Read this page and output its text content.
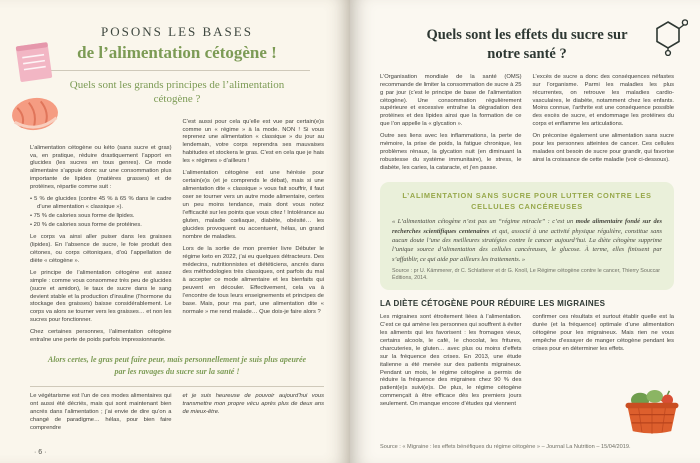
POSONS LES BASES
de l’alimentation cétogène !
Quels sont les grands principes de l’alimentation cétogène ?

L’alimentation cétogène ou kéto (sans sucre et gras) va, en pratique, réduire drastiquement l’apport en glucides (les sucres en tous genres). Ce mode alimentaire s’appuie donc sur une consommation plus importante de lipides (matières grasses) et de protéines, répartie comme suit :

• 5 % de glucides (contre 45 % à 65 % dans le cadre d’une alimentation « classique »).
• 75 % de calories sous forme de lipides.
• 20 % de calories sous forme de protéines.

Le corps va ainsi aller puiser dans les graisses (lipides). En l’absence de sucre, le foie produit des cétones, ou corps cétoniques, d’où l’appellation de diète « cétogène ».

Le principe de l’alimentation cétogène est assez simple : comme vous consommez très peu de glucides (sucre et amidon), le taux de sucre dans le sang devient stable et la production d’insuline (l’hormone du stockage des graisses) baisse considérablement. Le corps va alors se tourner vers les graisses… et non les sucres pour fonctionner.

Chez certaines personnes, l’alimentation cétogène entraîne une perte de poids parfois impressionnante.

C’est aussi pour cela qu’elle est vue par certain(e)s comme un « régime » à la mode. NON ! Si vous reprenez une alimentation « classique » du jour au lendemain, votre corps reprendra ses mauvaises habitudes et stockera le gras. C’est en cela que je hais les « régimes » d’ailleurs !

L’alimentation cétogène est une hérésie pour certain(e)s (et je comprends le débat), mais si une alimentation dite « classique » vous fait souffrir, il faut oser se tourner vers un autre mode alimentaire, certes un peu moins tendance, mais dont vous notez l’efficacité sur les points que vous citez ! Intolérance au gluten, maladie cœliaque, diabète, obésité… les glucides provoquent ou accentuent, hélas, un grand nombre de maladies.

Lors de la sortie de mon premier livre Débuter le régime keto en 2022, j’ai eu quelques détracteurs. Des médecins, nutritionnistes et diététiciens, ancrés dans des méthodologies très classiques, ont parfois du mal à accepter ce mode alimentaire et les bienfaits qui peuvent en découler. Effectivement, cela va à l’encontre de tous leurs enseignements et principes de base. Mais, pour ma part, une alimentation dite « normale » me rend malade… Que dois-je faire alors ?

Alors certes, le gras peut faire peur, mais personnellement je suis plus apeurée par les ravages du sucre sur la santé !

Le végétarisme est l’un de ces modes alimentaires qui ont aussi été décriés, mais qui sont maintenant bien ancrés dans l’alimentation ; j’ai envie de dire qu’on a changé de paradigme… hélas, pour bien faire comprendre

et je suis heureuse de pouvoir aujourd’hui vous transmettre mon propre vécu après plus de deux ans de mieux-être.

· 6 ·
Quels sont les effets du sucre sur notre santé ?

L’Organisation mondiale de la santé (OMS) recommande de limiter la consommation de sucre à 25 g par jour (c’est le principe de base de l’alimentation cétogène). Une consommation régulièrement supérieure et excessive entraîne la dégradation des protéines et des lipides ainsi que la formation de ce que l’on appelle la « glycation ».

Outre ses liens avec les inflammations, la perte de mémoire, la prise de poids, la fatigue chronique, les problèmes rénaux, la glycation nuit (en diminuant la robustesse du système immunitaire), le stress, le diabète, les caries, la cataracte, et j’en passe.

L’excès de sucre a donc des conséquences néfastes sur l’organisme. Parmi les maladies les plus récurrentes, on retrouve les maladies cardio-vasculaires, le diabète, notamment chez les enfants. Moins connue, l’arthrite est une conséquence possible des excès de sucre, et endommage les protéines du corps et enflamme les articulations.

On préconise également une alimentation sans sucre pour les personnes atteintes de cancer. Ces cellules malades ont besoin de sucre pour grandir, qui favorise ainsi la croissance de cette maladie (voir ci-dessous).

L’ALIMENTATION SANS SUCRE POUR LUTTER CONTRE LES CELLULES CANCÉREUSES

« L’alimentation cétogène n’est pas un “régime miracle” : c’est un mode alimentaire fondé sur des recherches scientifiques centenaires et qui, associé à une activité physique régulière, constitue sans aucun doute l’une des meilleures stratégies contre le cancer aujourd’hui. La diète cétogène supprime l’unique source d’alimentation des cellules cancéreuses, le glucose. À terme, elles finissent par s’affaiblir, ce qui aide par ailleurs les traitements. »

Source : pr U. Kämmerer, dr C. Schlatterer et dr G. Knoll, Le Régime cétogène contre le cancer, Thierry Souccar Éditions, 2014.

LA DIÈTE CÉTOGÈNE POUR RÉDUIRE LES MIGRAINES

Les migraines sont étroitement liées à l’alimentation. C’est ce qui amène les personnes qui souffrent à éviter les aliments qui les favorisent : les fromages vieux, certains alcools, le café, le chocolat, les fritures, charcuteries, le gluten… avec plus ou moins d’effets sur la fréquence des crises. En 2013, une étude italienne a été menée sur des patients migraineux. Pendant un mois, le régime cétogène a permis de réduire la fréquence des migraines chez 90 % des patient(e)s suivi(e)s. De plus, le régime cétogène commençait à être efficace dès les premiers jours seulement. On manque encore d’études qui viennent

confirmer ces résultats et surtout établir quelle est la durée (et la fréquence) optimale d’une alimentation cétogène pour les migraineux. Mais rien ne vous empêche d’essayer de manger cétogène pendant les crises pour en déterminer les effets.

Source : « Migraine : les effets bénéfiques du régime cétogène » – Journal La Nutrition – 15/04/2019.
